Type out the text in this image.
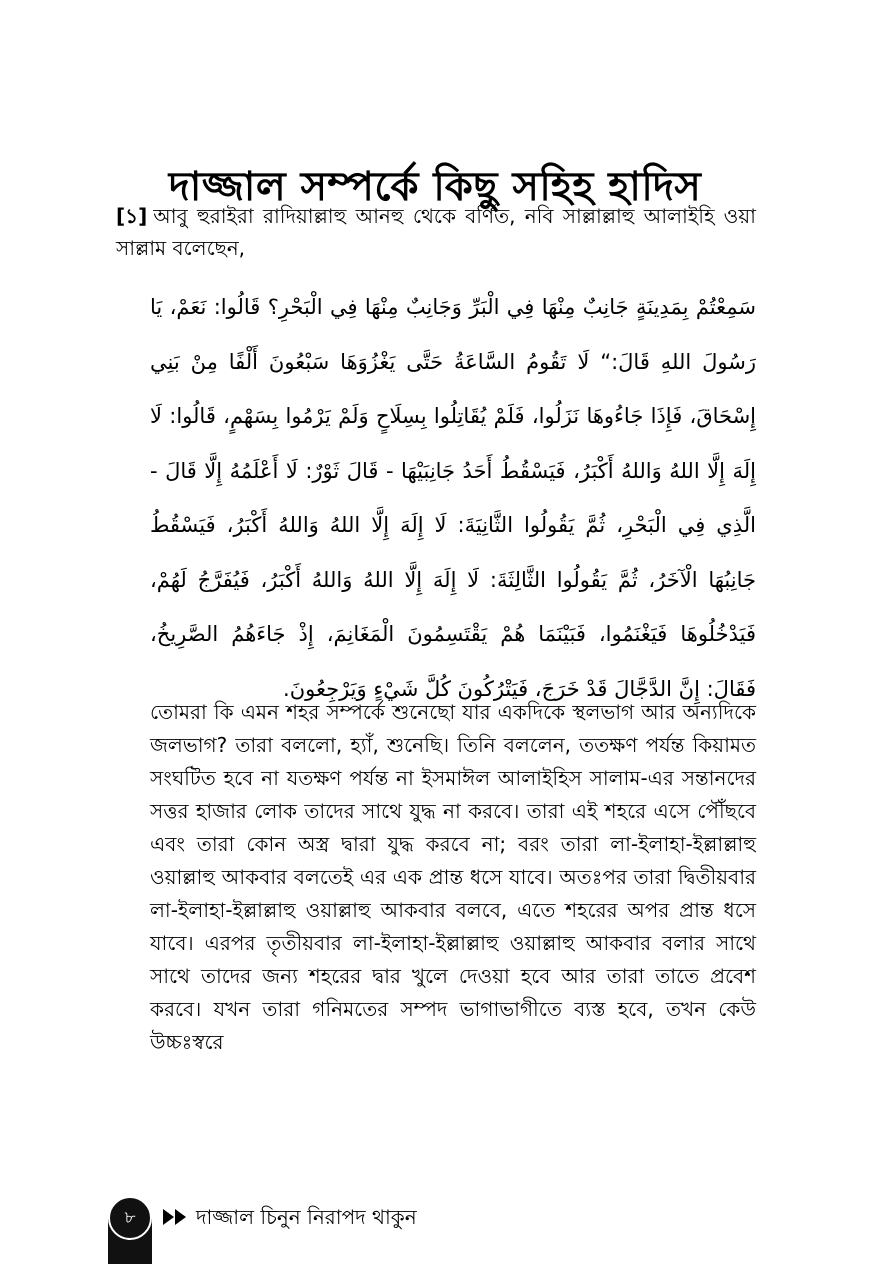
দাজ্জাল সম্পর্কে কিছু সহিহ হাদিস

[১] আবু হুরাইরা রাদিয়াল্লাহু আনহু থেকে বর্ণিত, নবি সাল্লাল্লাহু আলাইহি ওয়া সাল্লাম বলেছেন,

سَمِعْتُمْ بِمَدِينَةٍ جَانِبٌ مِنْهَا فِي الْبَرِّ وَجَانِبٌ مِنْهَا فِي الْبَحْرِ؟ قَالُوا: نَعَمْ، يَا رَسُولَ اللهِ قَالَ:“ لَا تَقُومُ السَّاعَةُ حَتَّى يَغْزُوَهَا سَبْعُونَ أَلْفًا مِنْ بَنِي إِسْحَاقَ، فَإِذَا جَاءُوهَا نَزَلُوا، فَلَمْ يُقَاتِلُوا بِسِلَاحٍ وَلَمْ يَرْمُوا بِسَهْمٍ، قَالُوا: لَا إِلَهَ إِلَّا اللهُ وَاللهُ أَكْبَرُ، فَيَسْقُطُ أَحَدُ جَانِبَيْهَا - قَالَ ثَوْرٌ: لَا أَعْلَمُهُ إِلَّا قَالَ - الَّذِي فِي الْبَحْرِ، ثُمَّ يَقُولُوا الثَّانِيَةَ: لَا إِلَهَ إِلَّا اللهُ وَاللهُ أَكْبَرُ، فَيَسْقُطُ جَانِبُهَا الْآخَرُ، ثُمَّ يَقُولُوا الثَّالِثَةَ: لَا إِلَهَ إِلَّا اللهُ وَاللهُ أَكْبَرُ، فَيُفَرَّجُ لَهُمْ، فَيَدْخُلُوهَا فَيَغْنَمُوا، فَبَيْنَمَا هُمْ يَقْتَسِمُونَ الْمَغَانِمَ، إِذْ جَاءَهُمُ الصَّرِيخُ، فَقَالَ: إِنَّ الدَّجَّالَ قَدْ خَرَجَ، فَيَتْرُكُونَ كُلَّ شَيْءٍ وَيَرْجِعُونَ.

তোমরা কি এমন শহর সম্পর্কে শুনেছো যার একদিকে স্থলভাগ আর অন্যদিকে জলভাগ? তারা বললো, হ্যাঁ, শুনেছি। তিনি বললেন, ততক্ষণ পর্যন্ত কিয়ামত সংঘটিত হবে না যতক্ষণ পর্যন্ত না ইসমাঈল আলাইহিস সালাম-এর সন্তানদের সত্তর হাজার লোক তাদের সাথে যুদ্ধ না করবে। তারা এই শহরে এসে পৌঁছবে এবং তারা কোন অস্ত্র দ্বারা যুদ্ধ করবে না; বরং তারা লা-ইলাহা-ইল্লাল্লাহু ওয়াল্লাহু আকবার বলতেই এর এক প্রান্ত ধসে যাবে। অতঃপর তারা দ্বিতীয়বার লা-ইলাহা-ইল্লাল্লাহু ওয়াল্লাহু আকবার বলবে, এতে শহরের অপর প্রান্ত ধসে যাবে। এরপর তৃতীয়বার লা-ইলাহা-ইল্লাল্লাহু ওয়াল্লাহু আকবার বলার সাথে সাথে তাদের জন্য শহরের দ্বার খুলে দেওয়া হবে আর তারা তাতে প্রবেশ করবে। যখন তারা গনিমতের সম্পদ ভাগাভাগীতে ব্যস্ত হবে, তখন কেউ উচ্চঃস্বরে

৮	দাজ্জাল চিনুন নিরাপদ থাকুন
